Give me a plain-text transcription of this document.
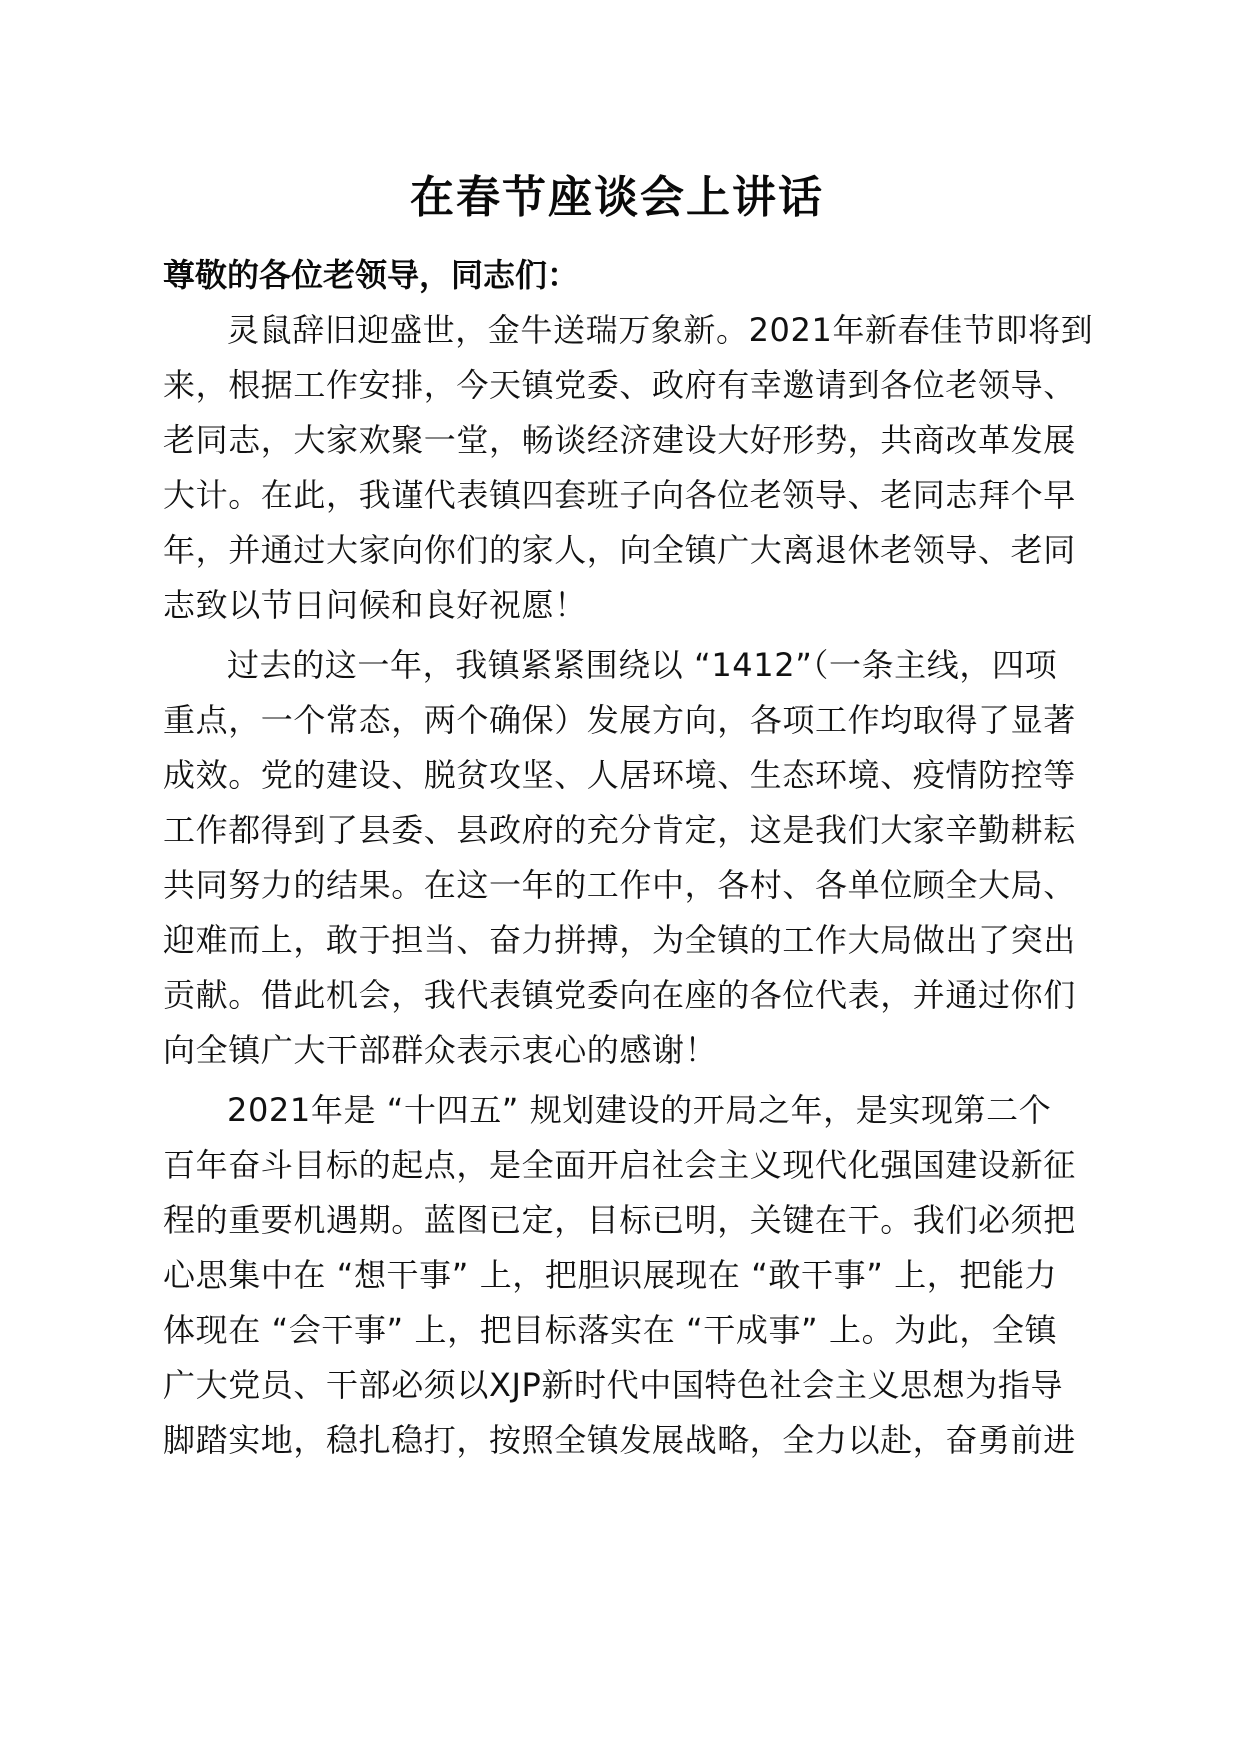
在春节座谈会上讲话
尊敬的各位老领导，同志们：
灵鼠辞旧迎盛世，金牛送瑞万象新。2021年新春佳节即将到
来，根据工作安排，今天镇党委、政府有幸邀请到各位老领导、
老同志，大家欢聚一堂，畅谈经济建设大好形势，共商改革发展
大计。在此，我谨代表镇四套班子向各位老领导、老同志拜个早
年，并通过大家向你们的家人，向全镇广大离退休老领导、老同
志致以节日问候和良好祝愿！
过去的这一年，我镇紧紧围绕以 “1412”（一条主线，四项
重点，一个常态，两个确保）发展方向，各项工作均取得了显著
成效。党的建设、脱贫攻坚、人居环境、生态环境、疫情防控等
工作都得到了县委、县政府的充分肯定，这是我们大家辛勤耕耘
共同努力的结果。在这一年的工作中，各村、各单位顾全大局、
迎难而上，敢于担当、奋力拼搏，为全镇的工作大局做出了突出
贡献。借此机会，我代表镇党委向在座的各位代表，并通过你们
向全镇广大干部群众表示衷心的感谢！
2021年是 “十四五” 规划建设的开局之年，是实现第二个
百年奋斗目标的起点，是全面开启社会主义现代化强国建设新征
程的重要机遇期。蓝图已定，目标已明，关键在干。我们必须把
心思集中在 “想干事” 上，把胆识展现在 “敢干事” 上，把能力
体现在 “会干事” 上，把目标落实在 “干成事” 上。为此，全镇
广大党员、干部必须以XJP新时代中国特色社会主义思想为指导
脚踏实地，稳扎稳打，按照全镇发展战略，全力以赴，奋勇前进
